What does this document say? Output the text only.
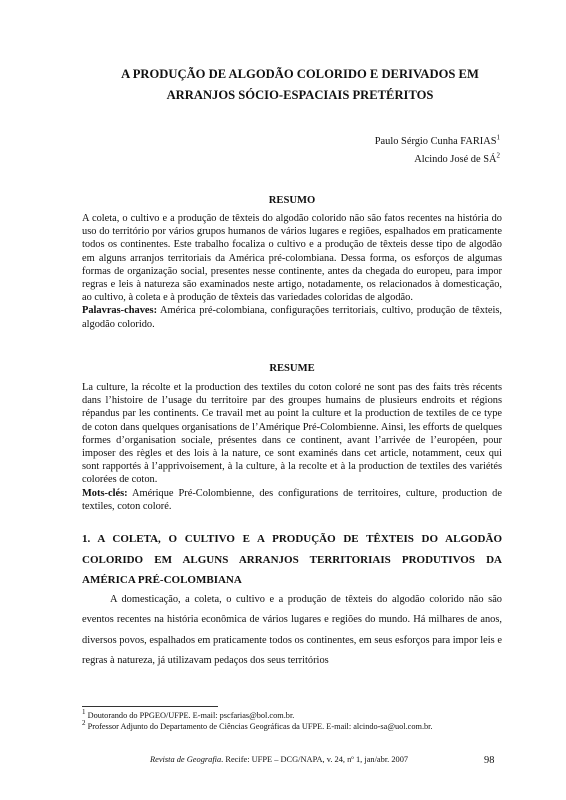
A PRODUÇÃO DE ALGODÃO COLORIDO E DERIVADOS EM
ARRANJOS SÓCIO-ESPACIAIS PRETÉRITOS
Paulo Sérgio Cunha FARIAS$^1$
Alcindo José de $SÁ^2$
RESUMO
A coleta, o cultivo e a produção de têxteis do algodão colorido não são fatos recentes na história do uso do território por vários grupos humanos de vários lugares e regiões, espalhados em praticamente todos os continentes. Este trabalho focaliza o cultivo e a produção de têxteis desse tipo de algodão em alguns arranjos territoriais da América pré-colombiana. Dessa forma, os esforços de algumas formas de organização social, presentes nesse continente, antes da chegada do europeu, para impor regras e leis à natureza são examinados neste artigo, notadamente, os relacionados à domesticação, ao cultivo, à coleta e à produção de têxteis das variedades coloridas de algodão.
Palavras-chaves: América pré-colombiana, configurações territoriais, cultivo, produção de têxteis, algodão colorido.
RESUME
La culture, la récolte et la production des textiles du coton coloré ne sont pas des faits très récents dans l’histoire de l’usage du territoire par des groupes humains de plusieurs endroits et régions répandus par les continents. Ce travail met au point la culture et la production de textiles de ce type de coton dans quelques organisations de l’Amérique Pré-Colombienne. Ainsi, les efforts de quelques formes d’organisation sociale, présentes dans ce continent, avant l’arrivée de l’européen, pour imposer des règles et des lois à la nature, ce sont examinés dans cet article, notamment, ceux qui sont rapportés à l’apprivoisement, à la culture, à la recolte et à la production de textiles des variétés colorées de coton.
Mots-clés: Amérique Pré-Colombienne, des configurations de territoires, culture, production de textiles, coton coloré.
1. A COLETA, O CULTIVO E A PRODUÇÃO DE TÊXTEIS DO ALGODÃO COLORIDO EM ALGUNS ARRANJOS TERRITORIAIS PRODUTIVOS DA AMÉRICA PRÉ-COLOMBIANA
A domesticação, a coleta, o cultivo e a produção de têxteis do algodão colorido não são eventos recentes na história econômica de vários lugares e regiões do mundo. Há milhares de anos, diversos povos, espalhados em praticamente todos os continentes, em seus esforços para impor leis e regras à natureza, já utilizavam pedaços dos seus territórios
$^1$ Doutorando do PPGEO/UFPE. E-mail: pscfarias@bol.com.br.
$^2$ Professor Adjunto do Departamento de Ciências Geográficas da UFPE. E-mail: alcindo-sa@uol.com.br.
Revista de Geografia. Recife: UFPE – DCG/NAPA, v. 24, nº 1, jan/abr. 2007	98
